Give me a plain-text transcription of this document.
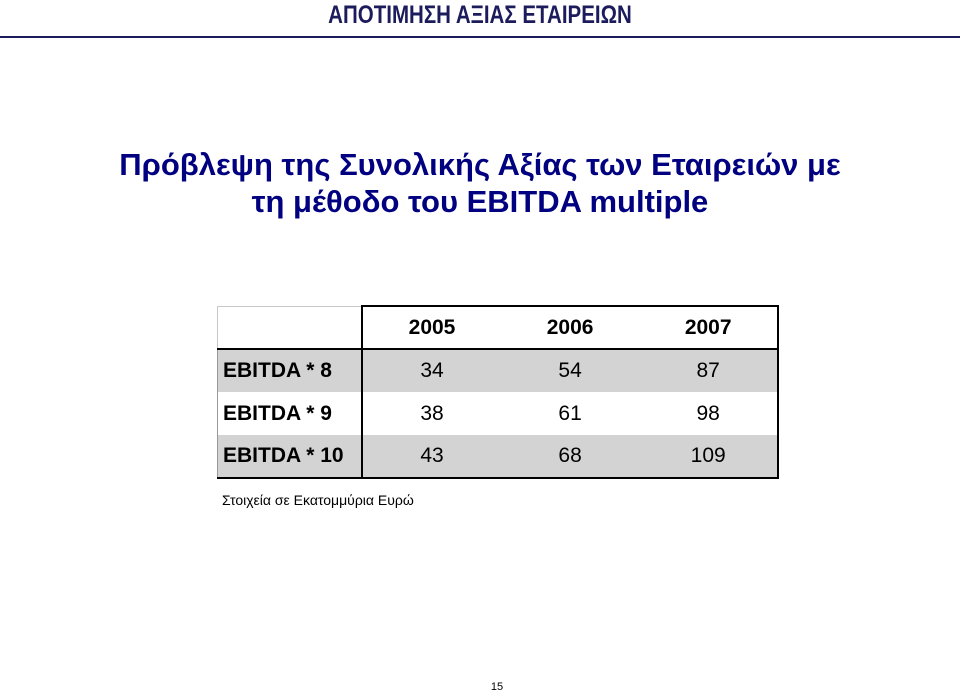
ΑΠΟΤΙΜΗΣΗ ΑΞΙΑΣ ΕΤΑΙΡΕΙΩΝ
Πρόβλεψη της Συνολικής Αξίας των Εταιρειών με
τη μέθοδο του EBITDA multiple
	2005	2006	2007
EBITDA * 8	34	54	87
EBITDA * 9	38	61	98
EBITDA * 10	43	68	109
Στοιχεία σε Εκατομμύρια Ευρώ
15
